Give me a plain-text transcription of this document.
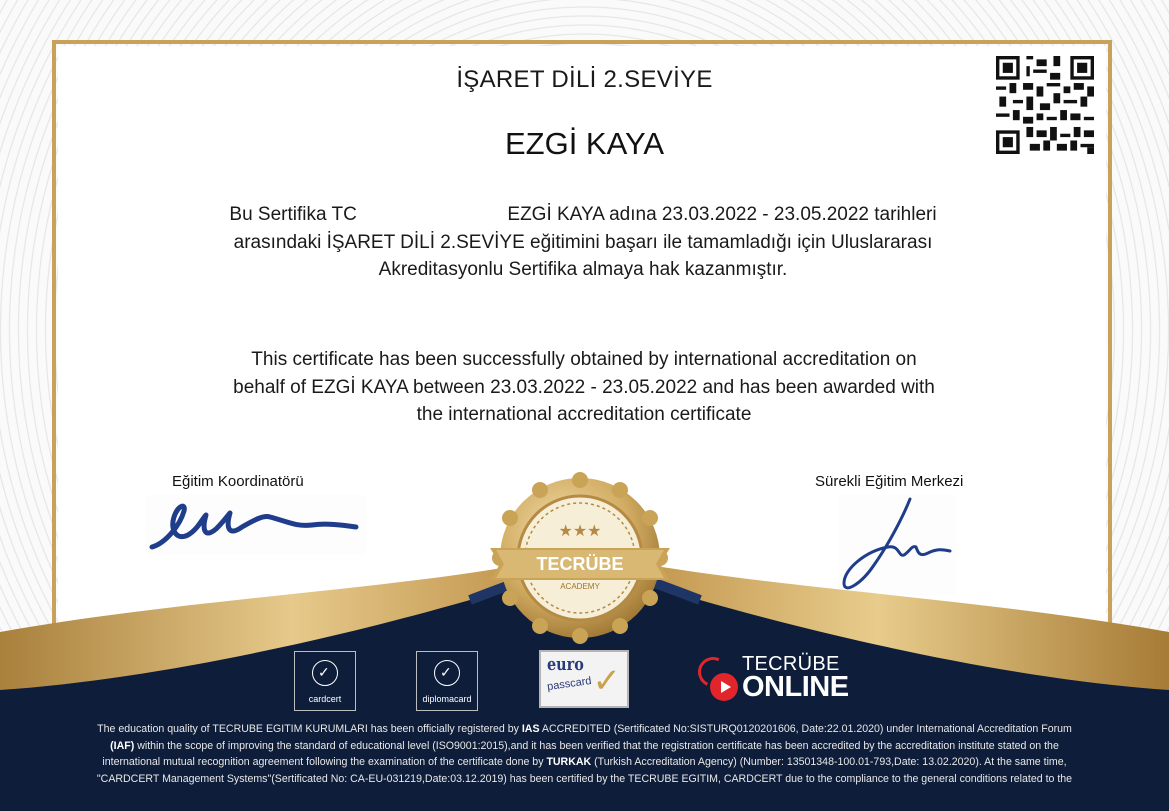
İŞARET DİLİ 2.SEVİYE
EZGİ KAYA
Bu Sertifika TC	EZGİ KAYA adına 23.03.2022 - 23.05.2022 tarihleri
arasındaki İŞARET DİLİ 2.SEVİYE eğitimini başarı ile tamamladığı için Uluslararası
Akreditasyonlu Sertifika almaya hak kazanmıştır.
This certificate has been successfully obtained by international accreditation on
behalf of EZGİ KAYA between 23.03.2022 - 23.05.2022 and has been awarded with
the international accreditation certificate
Eğitim Koordinatörü	Sürekli Eğitim Merkezi
★★★
TECRÜBE
ACADEMY
✓
cardcert
✓
diplomacard
euro
passcard ✓	TECRÜBE
ONLINE
The education quality of TECRUBE EGITIM KURUMLARI has been officially registered by IAS ACCREDITED (Sertificated No:SISTURQ0120201606, Date:22.01.2020) under International Accreditation Forum
(IAF) within the scope of improving the standard of educational level (ISO9001:2015),and it has been verified that the registration certificate has been accredited by the accreditation institute stated on the
international mutual recognition agreement following the examination of the certificate done by TURKAK (Turkish Accreditation Agency) (Number: 13501348-100.01-793,Date: 13.02.2020). At the same time,
"CARDCERT Management Systems"(Sertificated No: CA-EU-031219,Date:03.12.2019) has been certified by the TECRUBE EGITIM, CARDCERT due to the compliance to the general conditions related to the
